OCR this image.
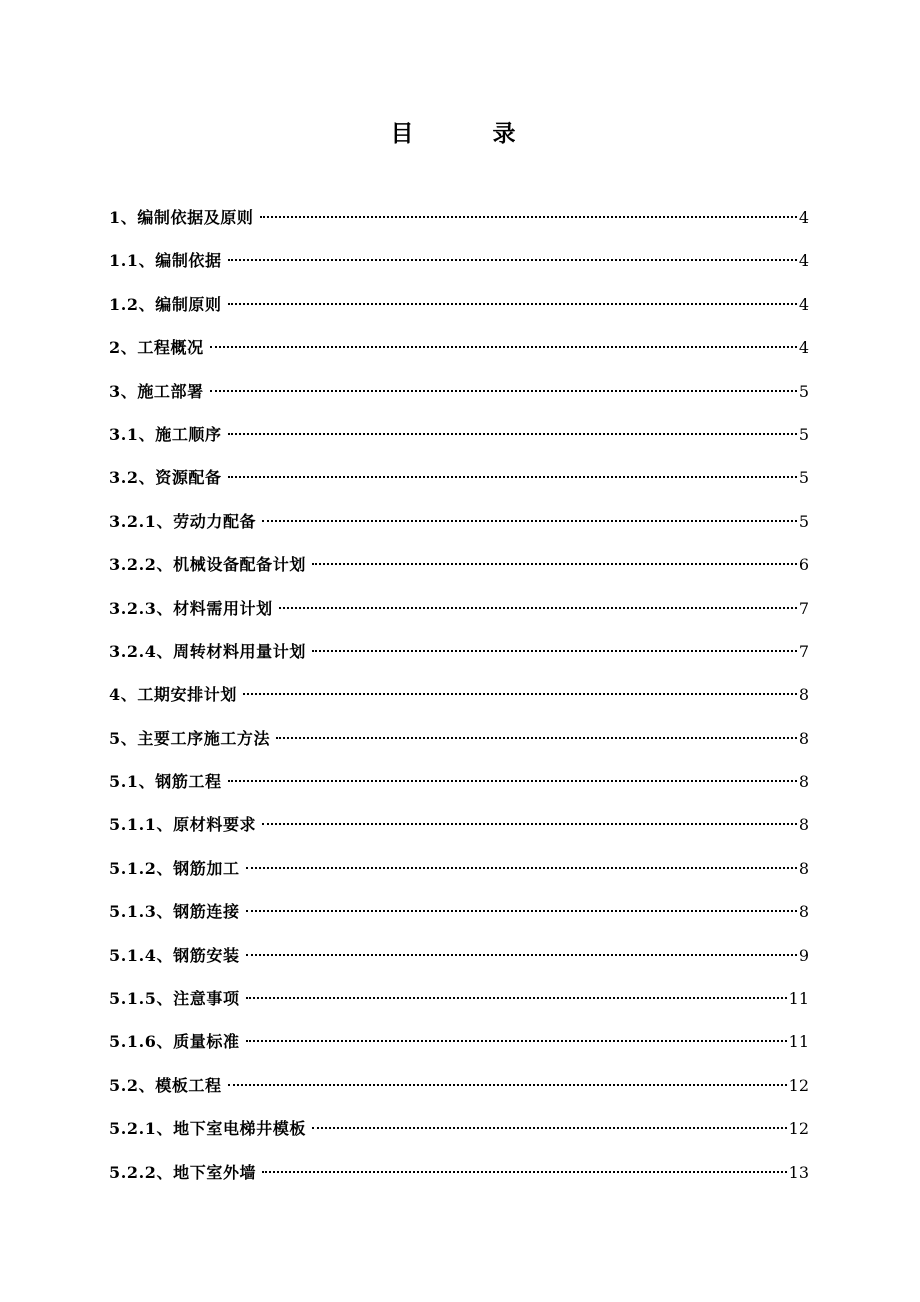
目　录
1、编制依据及原则	4
1.1、编制依据	4
1.2、编制原则	4
2、工程概况	4
3、施工部署	5
3.1、施工顺序	5
3.2、资源配备	5
3.2.1、劳动力配备	5
3.2.2、机械设备配备计划	6
3.2.3、材料需用计划	7
3.2.4、周转材料用量计划	7
4、工期安排计划	8
5、主要工序施工方法	8
5.1、钢筋工程	8
5.1.1、原材料要求	8
5.1.2、钢筋加工	8
5.1.3、钢筋连接	8
5.1.4、钢筋安装	9
5.1.5、注意事项	11
5.1.6、质量标准	11
5.2、模板工程	12
5.2.1、地下室电梯井模板	12
5.2.2、地下室外墙	13
